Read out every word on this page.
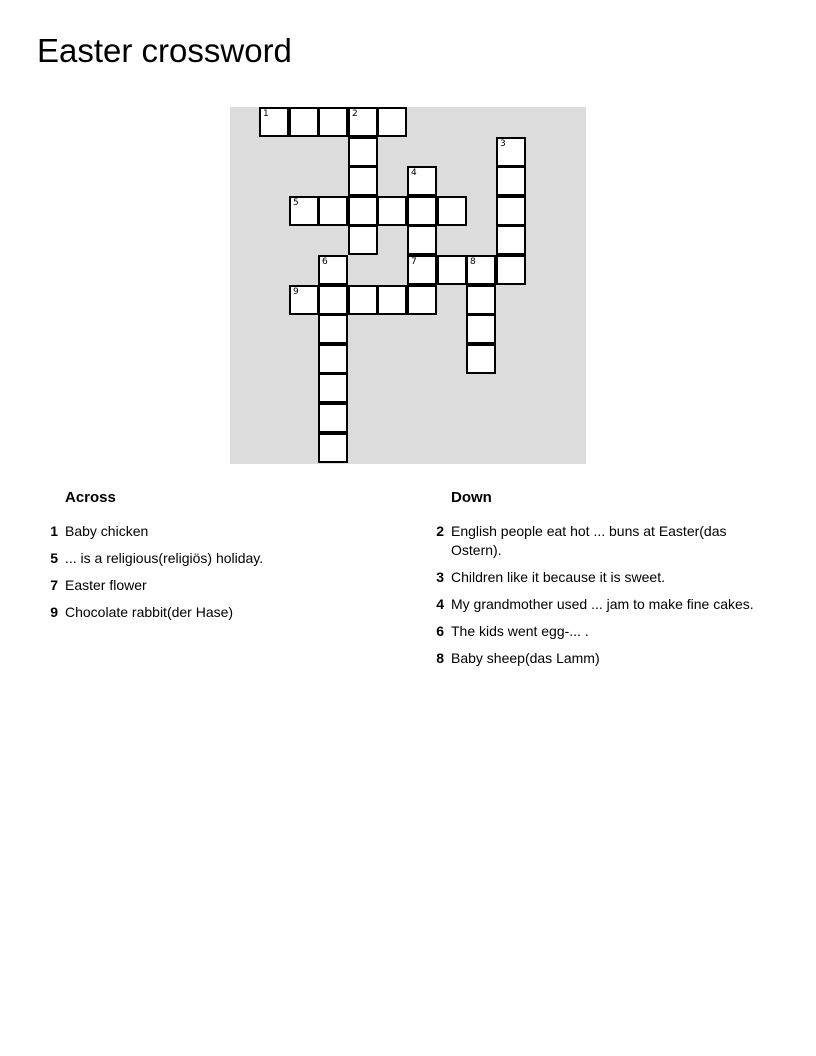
Easter crossword
1	2
3
4
5
6	7	8
9
Across
1 Baby chicken
5 ... is a religious(religiös) holiday.
7 Easter flower
9 Chocolate rabbit(der Hase)
Down
2 English people eat hot ... buns at Easter(das Ostern).
3 Children like it because it is sweet.
4 My grandmother used ... jam to make fine cakes.
6 The kids went egg-... .
8 Baby sheep(das Lamm)
